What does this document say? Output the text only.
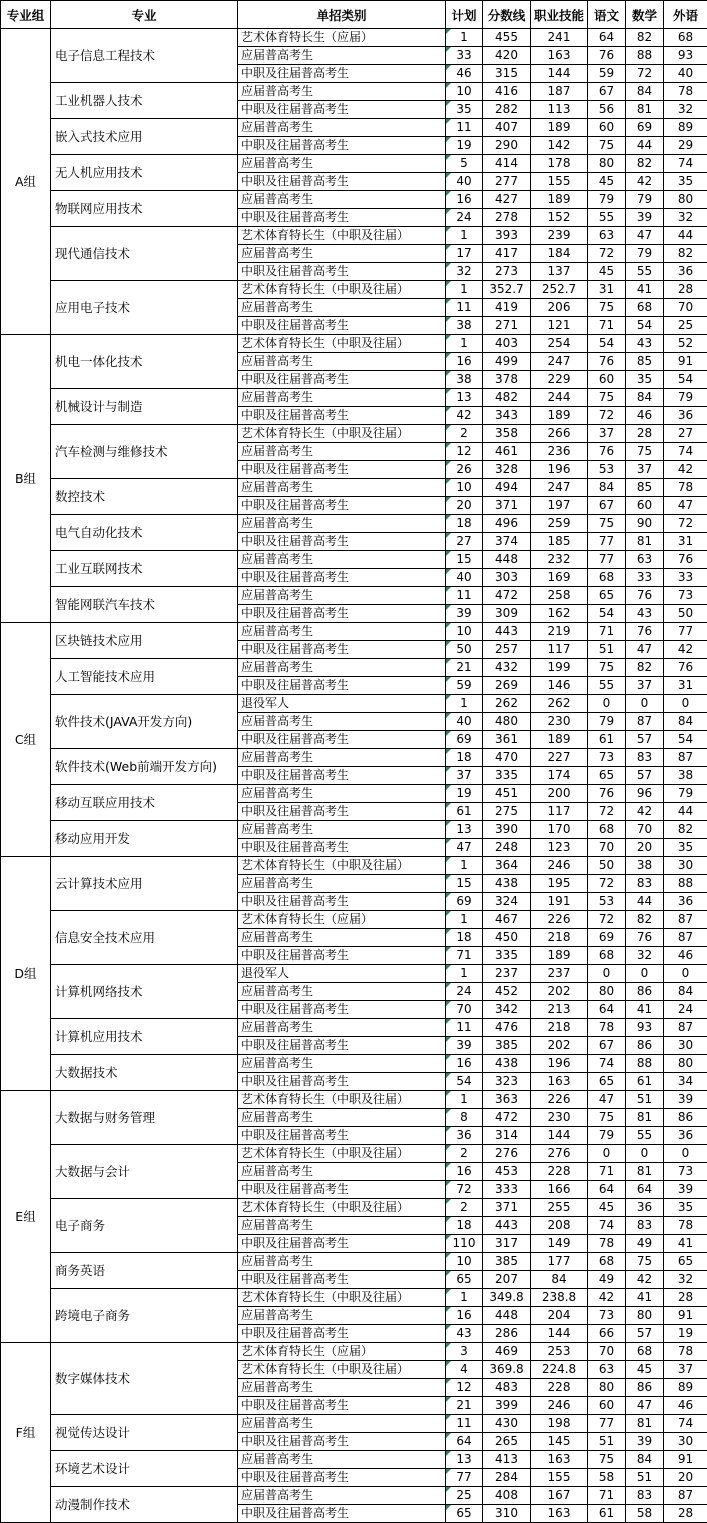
专业组	专业	单招类别	计划	分数线	职业技能	语文	数学	外语
A组	电子信息工程技术	艺术体育特长生（应届）	1	455	241	64	82	68
		应届普高考生	33	420	163	76	88	93
		中职及往届普高考生	46	315	144	59	72	40
	工业机器人技术	应届普高考生	10	416	187	67	84	78
		中职及往届普高考生	35	282	113	56	81	32
	嵌入式技术应用	应届普高考生	11	407	189	60	69	89
		中职及往届普高考生	19	290	142	75	44	29
	无人机应用技术	应届普高考生	5	414	178	80	82	74
		中职及往届普高考生	40	277	155	45	42	35
	物联网应用技术	应届普高考生	16	427	189	79	79	80
		中职及往届普高考生	24	278	152	55	39	32
	现代通信技术	艺术体育特长生（中职及往届）	1	393	239	63	47	44
		应届普高考生	17	417	184	72	79	82
		中职及往届普高考生	32	273	137	45	55	36
	应用电子技术	艺术体育特长生（中职及往届）	1	352.7	252.7	31	41	28
		应届普高考生	11	419	206	75	68	70
		中职及往届普高考生	38	271	121	71	54	25
B组	机电一体化技术	艺术体育特长生（中职及往届）	1	403	254	54	43	52
		应届普高考生	16	499	247	76	85	91
		中职及往届普高考生	38	378	229	60	35	54
	机械设计与制造	应届普高考生	13	482	244	75	84	79
		中职及往届普高考生	42	343	189	72	46	36
	汽车检测与维修技术	艺术体育特长生（中职及往届）	2	358	266	37	28	27
		应届普高考生	12	461	236	76	75	74
		中职及往届普高考生	26	328	196	53	37	42
	数控技术	应届普高考生	10	494	247	84	85	78
		中职及往届普高考生	20	371	197	67	60	47
	电气自动化技术	应届普高考生	18	496	259	75	90	72
		中职及往届普高考生	27	374	185	77	81	31
	工业互联网技术	应届普高考生	15	448	232	77	63	76
		中职及往届普高考生	40	303	169	68	33	33
	智能网联汽车技术	应届普高考生	11	472	258	65	76	73
		中职及往届普高考生	39	309	162	54	43	50
C组	区块链技术应用	应届普高考生	10	443	219	71	76	77
		中职及往届普高考生	50	257	117	51	47	42
	人工智能技术应用	应届普高考生	21	432	199	75	82	76
		中职及往届普高考生	59	269	146	55	37	31
	软件技术(JAVA开发方向)	退役军人	1	262	262	0	0	0
		应届普高考生	40	480	230	79	87	84
		中职及往届普高考生	69	361	189	61	57	54
	软件技术(Web前端开发方向)	应届普高考生	18	470	227	73	83	87
		中职及往届普高考生	37	335	174	65	57	38
	移动互联应用技术	应届普高考生	19	451	200	76	96	79
		中职及往届普高考生	61	275	117	72	42	44
	移动应用开发	应届普高考生	13	390	170	68	70	82
		中职及往届普高考生	47	248	123	70	20	35
D组	云计算技术应用	艺术体育特长生（中职及往届）	1	364	246	50	38	30
		应届普高考生	15	438	195	72	83	88
		中职及往届普高考生	69	324	191	53	44	36
	信息安全技术应用	艺术体育特长生（应届）	1	467	226	72	82	87
		应届普高考生	18	450	218	69	76	87
		中职及往届普高考生	71	335	189	68	32	46
	计算机网络技术	退役军人	1	237	237	0	0	0
		应届普高考生	24	452	202	80	86	84
		中职及往届普高考生	70	342	213	64	41	24
	计算机应用技术	应届普高考生	11	476	218	78	93	87
		中职及往届普高考生	39	385	202	67	86	30
	大数据技术	应届普高考生	16	438	196	74	88	80
		中职及往届普高考生	54	323	163	65	61	34
E组	大数据与财务管理	艺术体育特长生（中职及往届）	1	363	226	47	51	39
		应届普高考生	8	472	230	75	81	86
		中职及往届普高考生	36	314	144	79	55	36
	大数据与会计	艺术体育特长生（中职及往届）	2	276	276	0	0	0
		应届普高考生	16	453	228	71	81	73
		中职及往届普高考生	72	333	166	64	64	39
	电子商务	艺术体育特长生（中职及往届）	2	371	255	45	36	35
		应届普高考生	18	443	208	74	83	78
		中职及往届普高考生	110	317	149	78	49	41
	商务英语	应届普高考生	10	385	177	68	75	65
		中职及往届普高考生	65	207	84	49	42	32
	跨境电子商务	艺术体育特长生（中职及往届）	1	349.8	238.8	42	41	28
		应届普高考生	16	448	204	73	80	91
		中职及往届普高考生	43	286	144	66	57	19
F组	数字媒体技术	艺术体育特长生（应届）	3	469	253	70	68	78
		艺术体育特长生（中职及往届）	4	369.8	224.8	63	45	37
		应届普高考生	12	483	228	80	86	89
		中职及往届普高考生	21	399	246	60	47	46
	视觉传达设计	应届普高考生	11	430	198	77	81	74
		中职及往届普高考生	64	265	145	51	39	30
	环境艺术设计	应届普高考生	13	413	163	75	84	91
		中职及往届普高考生	77	284	155	58	51	20
	动漫制作技术	应届普高考生	25	408	167	71	83	87
		中职及往届普高考生	65	310	163	61	58	28
